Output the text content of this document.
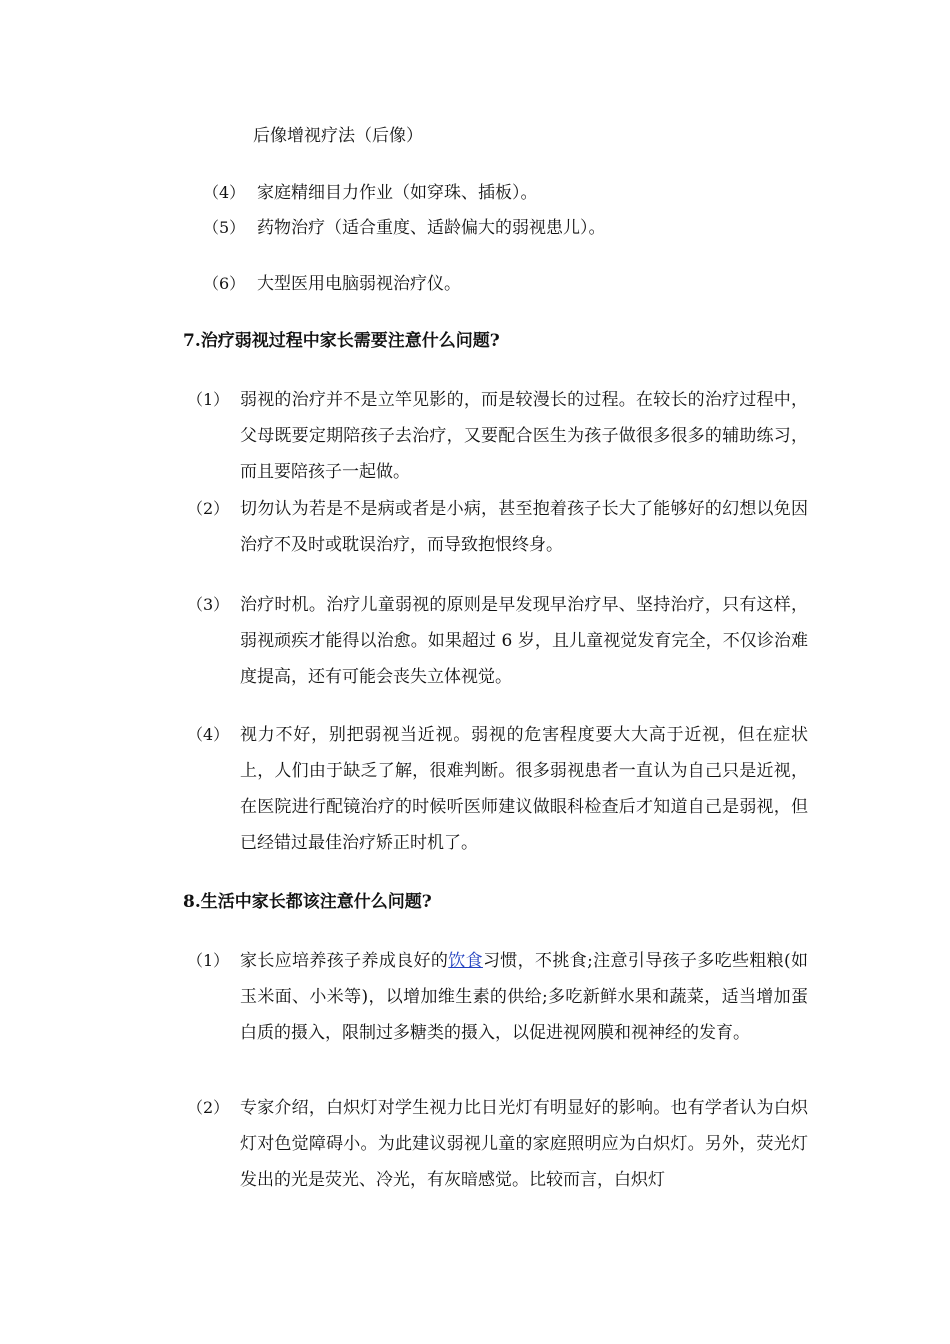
后像增视疗法（后像）
（4） 家庭精细目力作业（如穿珠、插板）。
（5） 药物治疗（适合重度、适龄偏大的弱视患儿）。
（6） 大型医用电脑弱视治疗仪。
7.治疗弱视过程中家长需要注意什么问题?
（1） 弱视的治疗并不是立竿见影的，而是较漫长的过程。在较长的治疗过程中，父母既要定期陪孩子去治疗，又要配合医生为孩子做很多很多的辅助练习，而且要陪孩子一起做。
（2） 切勿认为若是不是病或者是小病，甚至抱着孩子长大了能够好的幻想以免因治疗不及时或耽误治疗，而导致抱恨终身。
（3） 治疗时机。治疗儿童弱视的原则是早发现早治疗早、坚持治疗，只有这样，弱视顽疾才能得以治愈。如果超过 6 岁，且儿童视觉发育完全，不仅诊治难度提高，还有可能会丧失立体视觉。
（4） 视力不好，别把弱视当近视。弱视的危害程度要大大高于近视，但在症状上，人们由于缺乏了解，很难判断。很多弱视患者一直认为自己只是近视，在医院进行配镜治疗的时候听医师建议做眼科检查后才知道自己是弱视，但已经错过最佳治疗矫正时机了。
8.生活中家长都该注意什么问题?
（1） 家长应培养孩子养成良好的饮食习惯，不挑食;注意引导孩子多吃些粗粮(如玉米面、小米等)，以增加维生素的供给;多吃新鲜水果和蔬菜，适当增加蛋白质的摄入，限制过多糖类的摄入，以促进视网膜和视神经的发育。
（2） 专家介绍，白炽灯对学生视力比日光灯有明显好的影响。也有学者认为白炽灯对色觉障碍小。为此建议弱视儿童的家庭照明应为白炽灯。另外，荧光灯发出的光是荧光、冷光，有灰暗感觉。比较而言，白炽灯
